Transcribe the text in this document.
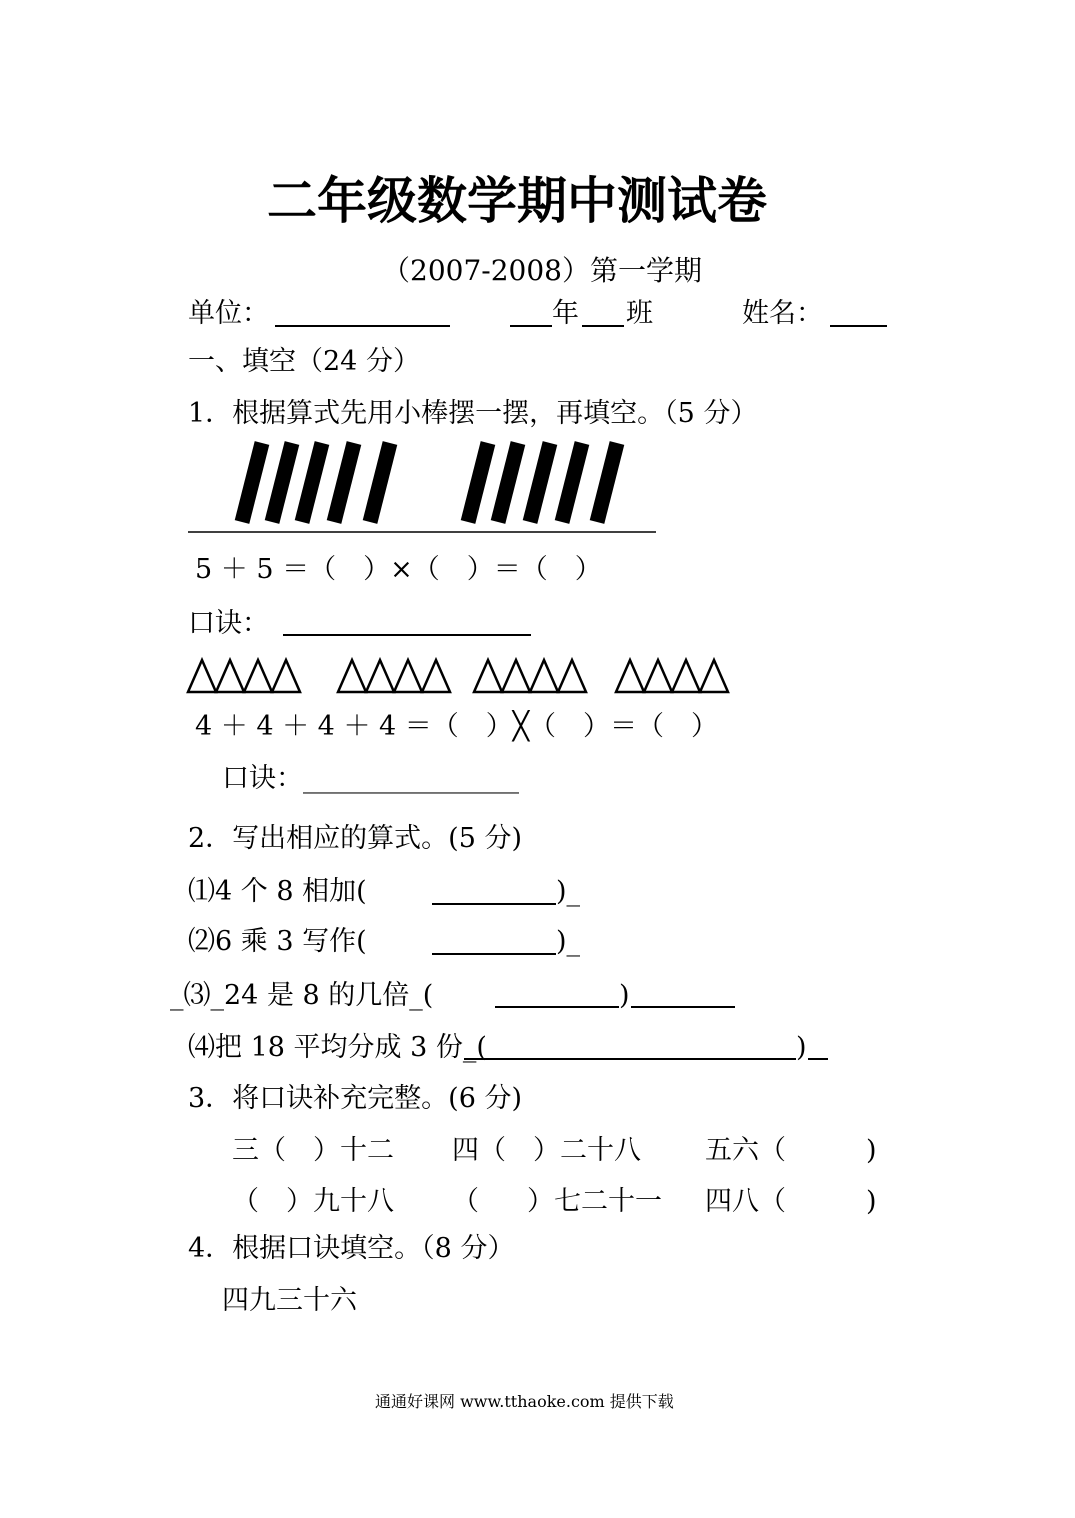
二年级数学期中测试卷
（2007-2008）第一学期
单位：	年 班	姓名：
一、填空（24 分）
1．根据算式先用小棒摆一摆，再填空。（5 分）
5 ＋ 5 ＝（　）×（　）＝（　）
口诀：
4 ＋ 4 ＋ 4 ＋ 4 ＝（　）╳（　）＝（　）
口诀：________________
2．写出相应的算式。(5 分)
⑴4 个 8 相加(	)_
⑵6 乘 3 写作(	)_
_⑶_24 是 8 的几倍_(	)
⑷把 18 平均分成 3 份_(	)
3．将口诀补充完整。(6 分)
三（　）十二 四（　）二十八 五六（	)
（　）九十八 （ ）七二十一 四八（	)
4．根据口诀填空。（8 分）
四九三十六
通通好课网 www.tthaoke.com 提供下载
